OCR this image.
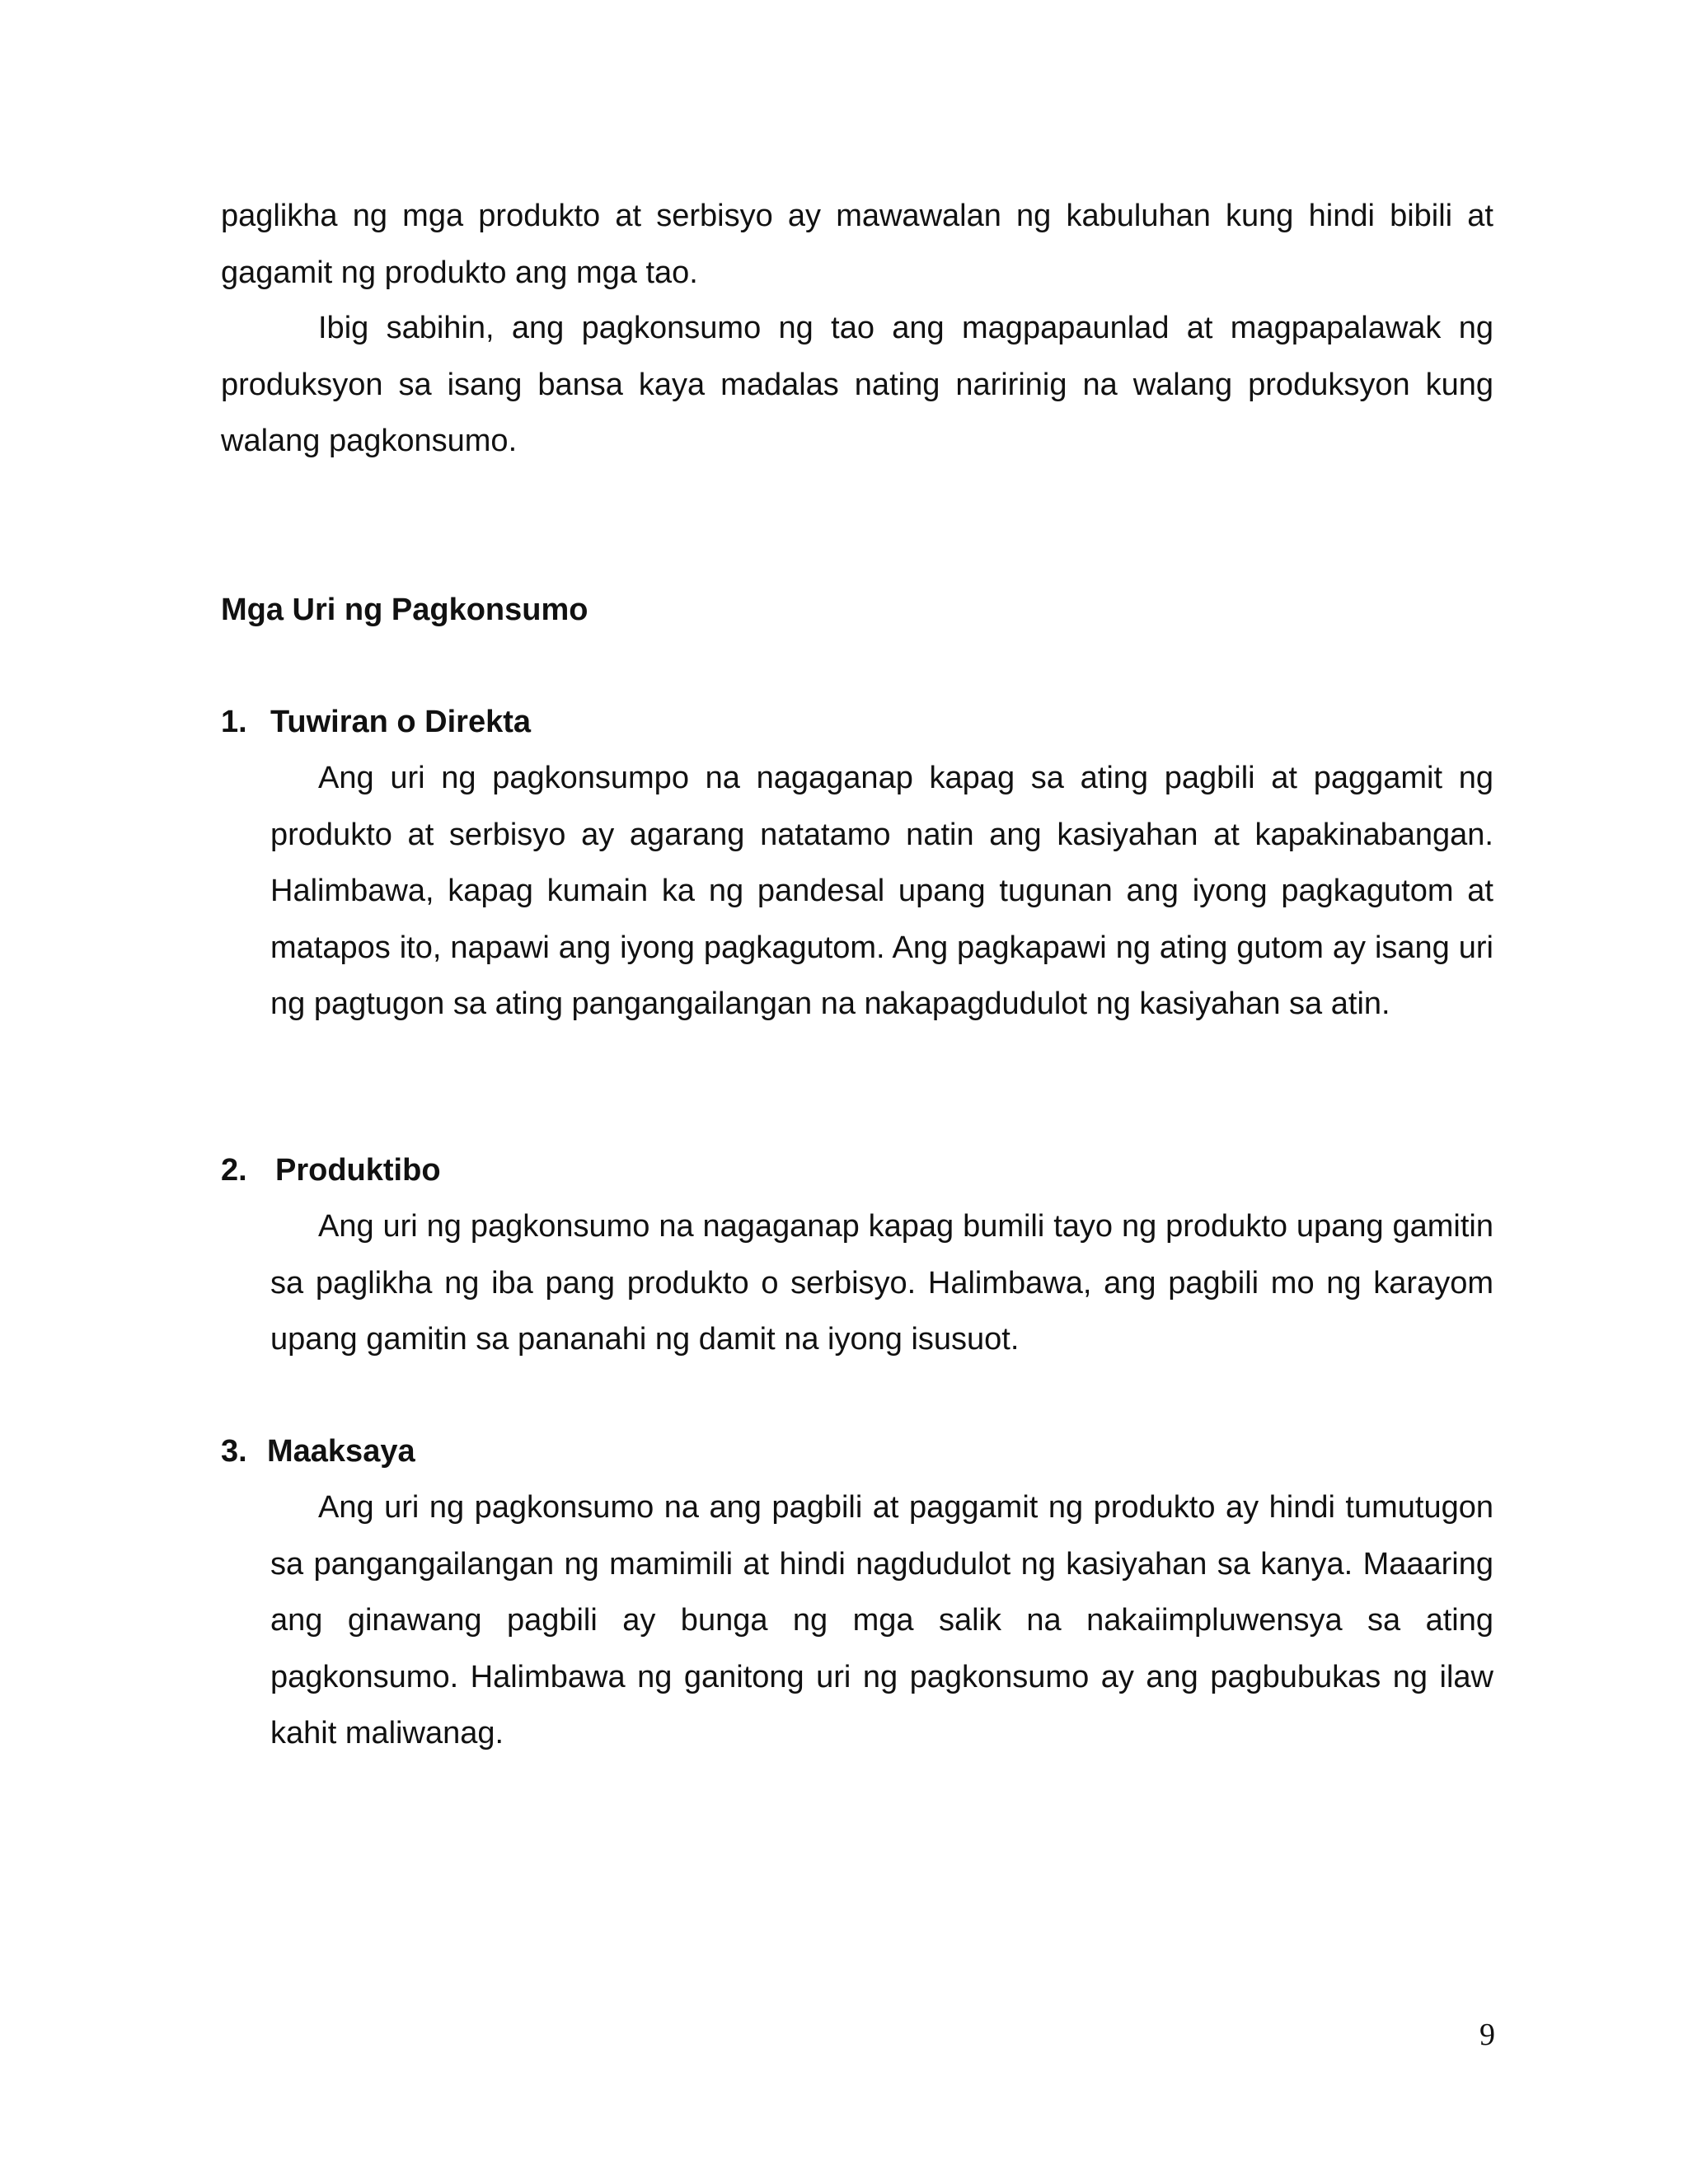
paglikha ng mga produkto at serbisyo ay mawawalan ng kabuluhan kung hindi bibili at gagamit ng produkto ang mga tao.

Ibig sabihin, ang pagkonsumo ng tao ang magpapaunlad at magpapalawak ng produksyon sa isang bansa kaya madalas nating naririnig na walang produksyon kung walang pagkonsumo.

Mga Uri ng Pagkonsumo
1. Tuwiran o Direkta

Ang uri ng pagkonsumpo na nagaganap kapag sa ating pagbili at paggamit ng produkto at serbisyo ay agarang natatamo natin ang kasiyahan at kapakinabangan. Halimbawa, kapag kumain ka ng pandesal upang tugunan ang iyong pagkagutom at matapos ito, napawi ang iyong pagkagutom. Ang pagkapawi ng ating gutom ay isang uri ng pagtugon sa ating pangangailangan na nakapagdudulot ng kasiyahan sa atin.

2. Produktibo

Ang uri ng pagkonsumo na nagaganap kapag bumili tayo ng produkto upang gamitin sa paglikha ng iba pang produkto o serbisyo. Halimbawa, ang pagbili mo ng karayom upang gamitin sa pananahi ng damit na iyong isusuot.

3. Maaksaya

Ang uri ng pagkonsumo na ang pagbili at paggamit ng produkto ay hindi tumutugon sa pangangailangan ng mamimili at hindi nagdudulot ng kasiyahan sa kanya. Maaaring ang ginawang pagbili ay bunga ng mga salik na nakaiimpluwensya sa ating pagkonsumo. Halimbawa ng ganitong uri ng pagkonsumo ay ang pagbubukas ng ilaw kahit maliwanag.

9
